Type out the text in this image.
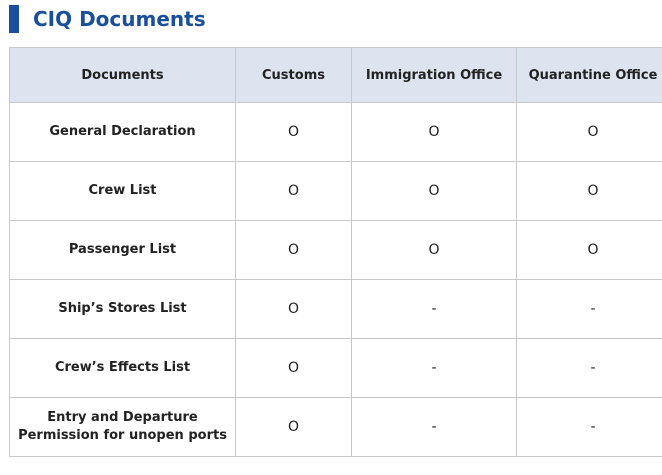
CIQ Documents
Documents	Customs	Immigration Office	Quarantine Office
General Declaration	O	O	O
Crew List	O	O	O
Passenger List	O	O	O
Ship’s Stores List	O	-	-
Crew’s Effects List	O	-	-
Entry and Departure
Permission for unopen ports	O	-	-
